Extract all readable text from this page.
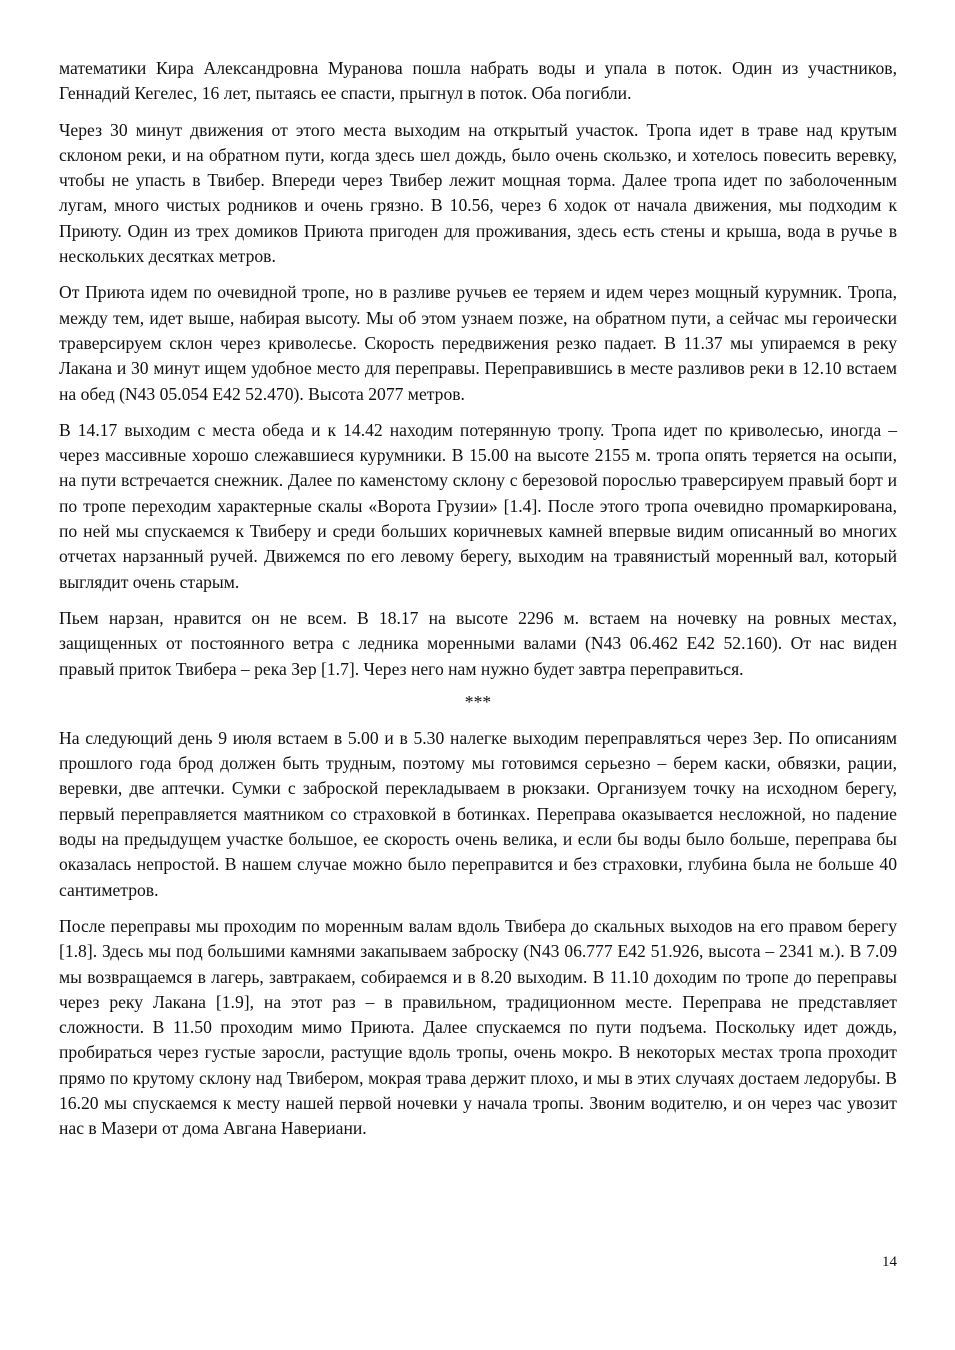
математики Кира Александровна Муранова пошла набрать воды и упала в поток. Один из участников, Геннадий Кегелес, 16 лет, пытаясь ее спасти, прыгнул в поток. Оба погибли.

Через 30 минут движения от этого места выходим на открытый участок. Тропа идет в траве над крутым склоном реки, и на обратном пути, когда здесь шел дождь, было очень скользко, и хотелось повесить веревку, чтобы не упасть в Твибер. Впереди через Твибер лежит мощная торма. Далее тропа идет по заболоченным лугам, много чистых родников и очень грязно. В 10.56, через 6 ходок от начала движения, мы подходим к Приюту. Один из трех домиков Приюта пригоден для проживания, здесь есть стены и крыша, вода в ручье в нескольких десятках метров.

От Приюта идем по очевидной тропе, но в разливе ручьев ее теряем и идем через мощный курумник. Тропа, между тем, идет выше, набирая высоту. Мы об этом узнаем позже, на обратном пути, а сейчас мы героически траверсируем склон через криволесье. Скорость передвижения резко падает. В 11.37 мы упираемся в реку Лакана и 30 минут ищем удобное место для переправы. Переправившись в месте разливов реки в 12.10 встаем на обед (N43 05.054 E42 52.470). Высота 2077 метров.

В 14.17 выходим с места обеда и к 14.42 находим потерянную тропу. Тропа идет по криволесью, иногда – через массивные хорошо слежавшиеся курумники. В 15.00 на высоте 2155 м. тропа опять теряется на осыпи, на пути встречается снежник. Далее по каменстому склону с березовой порослью траверсируем правый борт и по тропе переходим характерные скалы «Ворота Грузии» [1.4]. После этого тропа очевидно промаркирована, по ней мы спускаемся к Твиберу и среди больших коричневых камней впервые видим описанный во многих отчетах нарзанный ручей. Движемся по его левому берегу, выходим на травянистый моренный вал, который выглядит очень старым.

Пьем нарзан, нравится он не всем. В 18.17 на высоте 2296 м. встаем на ночевку на ровных местах, защищенных от постоянного ветра с ледника моренными валами (N43 06.462 E42 52.160). От нас виден правый приток Твибера – река Зер [1.7]. Через него нам нужно будет завтра переправиться.

***

На следующий день 9 июля встаем в 5.00 и в 5.30 налегке выходим переправляться через Зер. По описаниям прошлого года брод должен быть трудным, поэтому мы готовимся серьезно – берем каски, обвязки, рации, веревки, две аптечки. Сумки с заброской перекладываем в рюкзаки. Организуем точку на исходном берегу, первый переправляется маятником со страховкой в ботинках. Переправа оказывается несложной, но падение воды на предыдущем участке большое, ее скорость очень велика, и если бы воды было больше, переправа бы оказалась непростой. В нашем случае можно было переправится и без страховки, глубина была не больше 40 сантиметров.

После переправы мы проходим по моренным валам вдоль Твибера до скальных выходов на его правом берегу [1.8]. Здесь мы под большими камнями закапываем заброску (N43 06.777 E42 51.926, высота – 2341 м.). В 7.09 мы возвращаемся в лагерь, завтракаем, собираемся и в 8.20 выходим. В 11.10 доходим по тропе до переправы через реку Лакана [1.9], на этот раз – в правильном, традиционном месте. Переправа не представляет сложности. В 11.50 проходим мимо Приюта. Далее спускаемся по пути подъема. Поскольку идет дождь, пробираться через густые заросли, растущие вдоль тропы, очень мокро. В некоторых местах тропа проходит прямо по крутому склону над Твибером, мокрая трава держит плохо, и мы в этих случаях достаем ледорубы. В 16.20 мы спускаемся к месту нашей первой ночевки у начала тропы. Звоним водителю, и он через час увозит нас в Мазери от дома Авгана Навериани.

14
